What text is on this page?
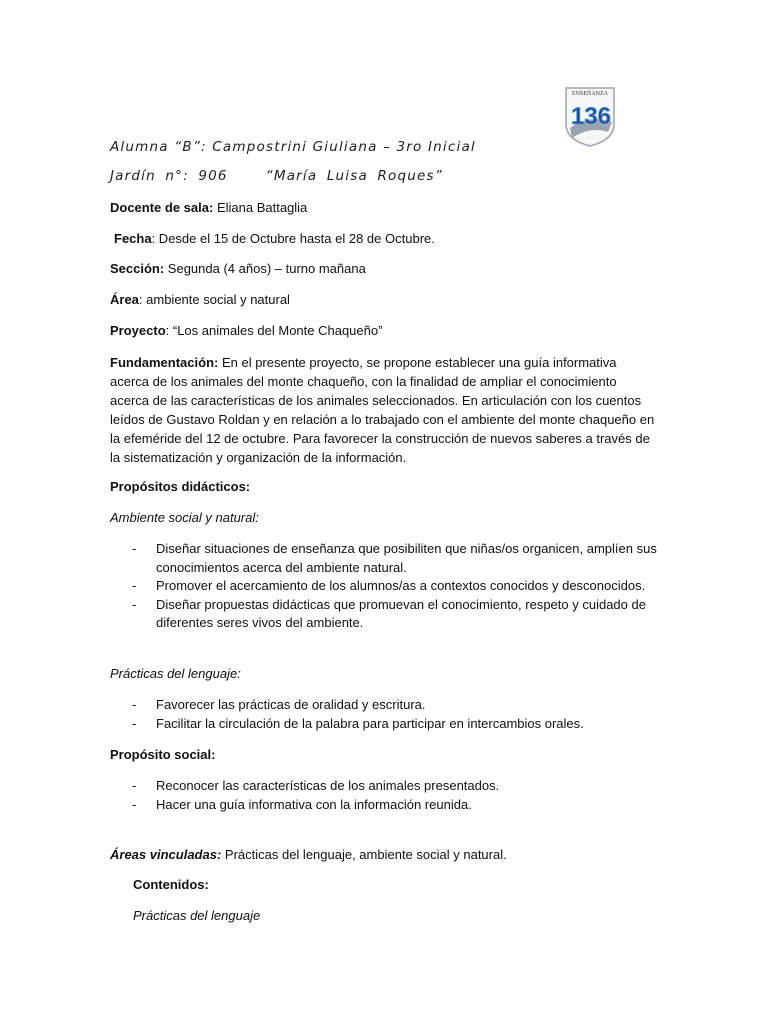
ENSEÑANZA
136
Alumna “B”: Campostrini Giuliana – 3ro Inicial
Jardín n°: 906    “María Luisa Roques”
Docente de sala: Eliana Battaglia
Fecha: Desde el 15 de Octubre hasta el 28 de Octubre.
Sección: Segunda (4 años) – turno mañana
Área: ambiente social y natural
Proyecto: “Los animales del Monte Chaqueño”
Fundamentación: En el presente proyecto, se propone establecer una guía informativa acerca de los animales del monte chaqueño, con la finalidad de ampliar el conocimiento acerca de las características de los animales seleccionados. En articulación con los cuentos leídos de Gustavo Roldan y en relación a lo trabajado con el ambiente del monte chaqueño en la efeméride del 12 de octubre. Para favorecer la construcción de nuevos saberes a través de la sistematización y organización de la información.
Propósitos didácticos:
Ambiente social y natural:
- Diseñar situaciones de enseñanza que posibiliten que niñas/os organicen, amplíen sus conocimientos acerca del ambiente natural.
- Promover el acercamiento de los alumnos/as a contextos conocidos y desconocidos.
- Diseñar propuestas didácticas que promuevan el conocimiento, respeto y cuidado de diferentes seres vivos del ambiente.
Prácticas del lenguaje:
- Favorecer las prácticas de oralidad y escritura.
- Facilitar la circulación de la palabra para participar en intercambios orales.
Propósito social:
- Reconocer las características de los animales presentados.
- Hacer una guía informativa con la información reunida.
Áreas vinculadas: Prácticas del lenguaje, ambiente social y natural.
Contenidos:
Prácticas del lenguaje
